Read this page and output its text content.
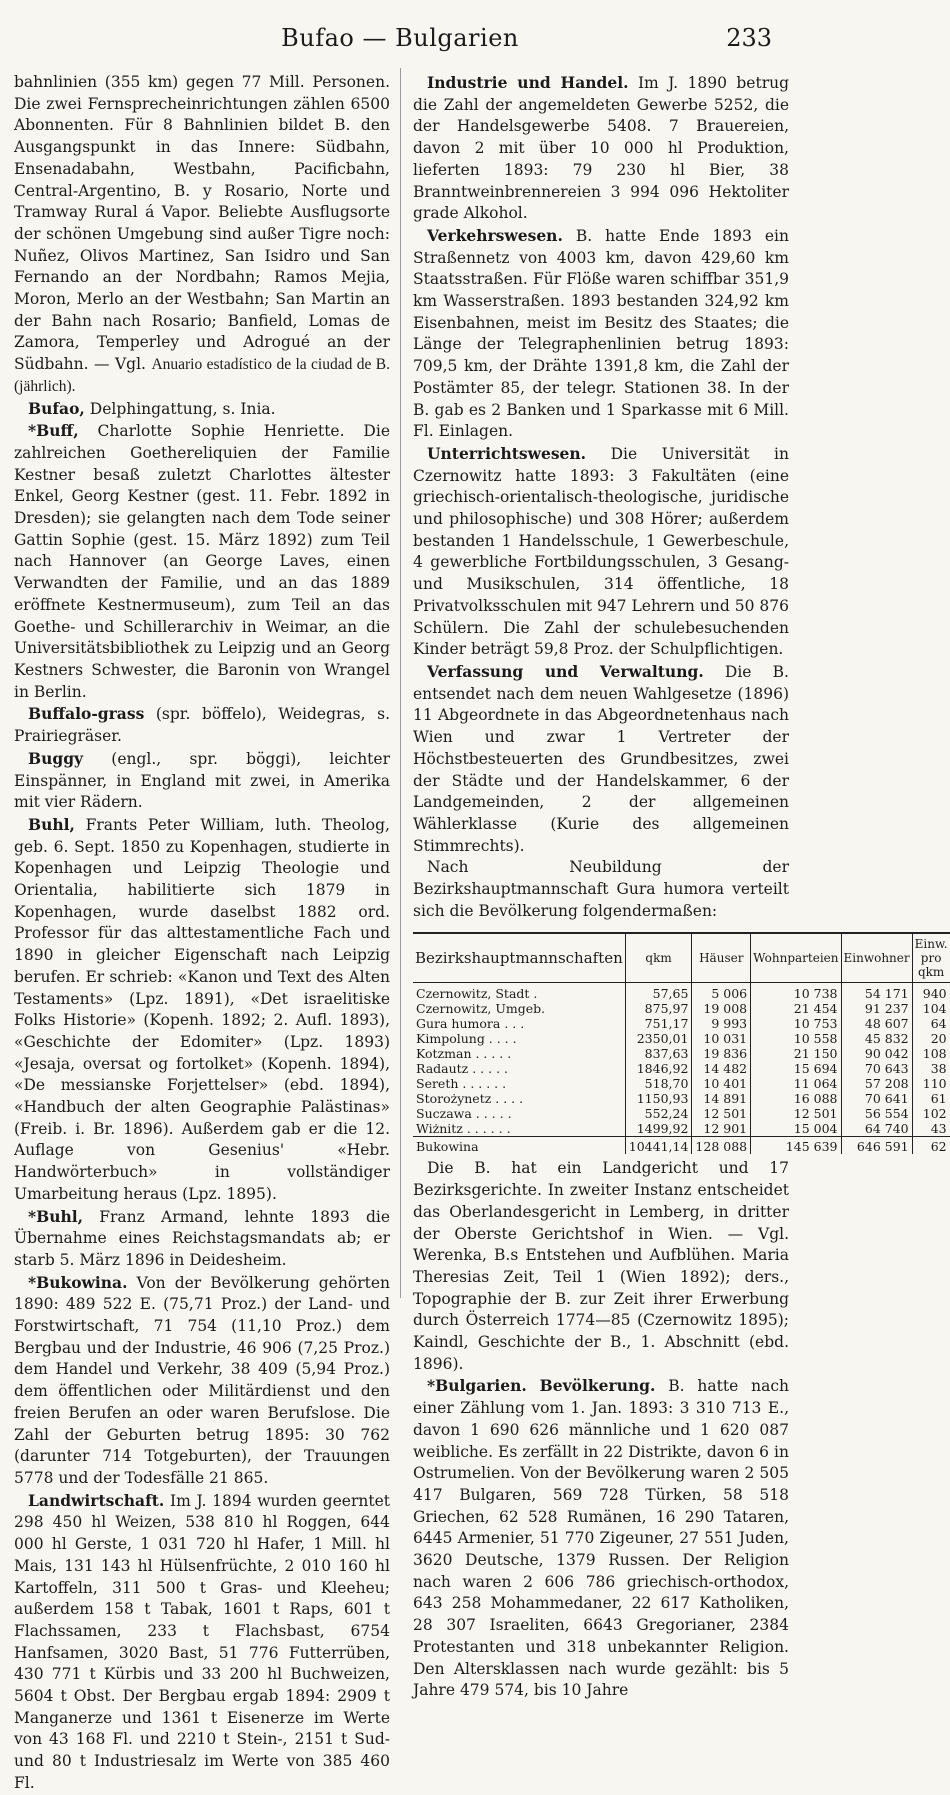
Bufao — Bulgarien	233

bahnlinien (355 km) gegen 77 Mill. Personen. Die zwei Fernsprecheinrichtungen zählen 6500 Abonnenten. Für 8 Bahnlinien bildet B. den Ausgangspunkt in das Innere: Südbahn, Ensenadabahn, Westbahn, Pacificbahn, Central-Argentino, B. y Rosario, Norte und Tramway Rural á Vapor. Beliebte Ausflugsorte der schönen Umgebung sind außer Tigre noch: Nuñez, Olivos Martinez, San Isidro und San Fernando an der Nordbahn; Ramos Mejia, Moron, Merlo an der Westbahn; San Martin an der Bahn nach Rosario; Banfield, Lomas de Zamora, Temperley und Adrogué an der Südbahn. — Vgl. Anuario estadístico de la ciudad de B. (jährlich).

Bufao, Delphingattung, s. Inia.

*Buff, Charlotte Sophie Henriette. Die zahlreichen Goethereliquien der Familie Kestner besaß zuletzt Charlottes ältester Enkel, Georg Kestner (gest. 11. Febr. 1892 in Dresden); sie gelangten nach dem Tode seiner Gattin Sophie (gest. 15. März 1892) zum Teil nach Hannover (an George Laves, einen Verwandten der Familie, und an das 1889 eröffnete Kestnermuseum), zum Teil an das Goethe- und Schillerarchiv in Weimar, an die Universitätsbibliothek zu Leipzig und an Georg Kestners Schwester, die Baronin von Wrangel in Berlin.

Buffalo-grass (spr. böffelo), Weidegras, s. Prairiegräser.

Buggy (engl., spr. böggi), leichter Einspänner, in England mit zwei, in Amerika mit vier Rädern.

Buhl, Frants Peter William, luth. Theolog, geb. 6. Sept. 1850 zu Kopenhagen, studierte in Kopenhagen und Leipzig Theologie und Orientalia, habilitierte sich 1879 in Kopenhagen, wurde daselbst 1882 ord. Professor für das alttestamentliche Fach und 1890 in gleicher Eigenschaft nach Leipzig berufen. Er schrieb: «Kanon und Text des Alten Testaments» (Lpz. 1891), «Det israelitiske Folks Historie» (Kopenh. 1892; 2. Aufl. 1893), «Geschichte der Edomiter» (Lpz. 1893) «Jesaja, oversat og fortolket» (Kopenh. 1894), «De messianske Forjettelser» (ebd. 1894), «Handbuch der alten Geographie Palästinas» (Freib. i. Br. 1896). Außerdem gab er die 12. Auflage von Gesenius' «Hebr. Handwörterbuch» in vollständiger Umarbeitung heraus (Lpz. 1895).

*Buhl, Franz Armand, lehnte 1893 die Übernahme eines Reichstagsmandats ab; er starb 5. März 1896 in Deidesheim.

*Bukowina. Von der Bevölkerung gehörten 1890: 489 522 E. (75,71 Proz.) der Land- und Forstwirtschaft, 71 754 (11,10 Proz.) dem Bergbau und der Industrie, 46 906 (7,25 Proz.) dem Handel und Verkehr, 38 409 (5,94 Proz.) dem öffentlichen oder Militärdienst und den freien Berufen an oder waren Berufslose. Die Zahl der Geburten betrug 1895: 30 762 (darunter 714 Totgeburten), der Trauungen 5778 und der Todesfälle 21 865.

Landwirtschaft. Im J. 1894 wurden geerntet 298 450 hl Weizen, 538 810 hl Roggen, 644 000 hl Gerste, 1 031 720 hl Hafer, 1 Mill. hl Mais, 131 143 hl Hülsenfrüchte, 2 010 160 hl Kartoffeln, 311 500 t Gras- und Kleeheu; außerdem 158 t Tabak, 1601 t Raps, 601 t Flachssamen, 233 t Flachsbast, 6754 Hanfsamen, 3020 Bast, 51 776 Futterrüben, 430 771 t Kürbis und 33 200 hl Buchweizen, 5604 t Obst. Der Bergbau ergab 1894: 2909 t Manganerze und 1361 t Eisenerze im Werte von 43 168 Fl. und 2210 t Stein-, 2151 t Sud- und 80 t Industriesalz im Werte von 385 460 Fl.

Industrie und Handel. Im J. 1890 betrug die Zahl der angemeldeten Gewerbe 5252, die der Handelsgewerbe 5408. 7 Brauereien, davon 2 mit über 10 000 hl Produktion, lieferten 1893: 79 230 hl Bier, 38 Branntweinbrennereien 3 994 096 Hektoliter grade Alkohol.

Verkehrswesen. B. hatte Ende 1893 ein Straßennetz von 4003 km, davon 429,60 km Staatsstraßen. Für Flöße waren schiffbar 351,9 km Wasserstraßen. 1893 bestanden 324,92 km Eisenbahnen, meist im Besitz des Staates; die Länge der Telegraphenlinien betrug 1893: 709,5 km, der Drähte 1391,8 km, die Zahl der Postämter 85, der telegr. Stationen 38. In der B. gab es 2 Banken und 1 Sparkasse mit 6 Mill. Fl. Einlagen.

Unterrichtswesen. Die Universität in Czernowitz hatte 1893: 3 Fakultäten (eine griechisch-orientalisch-theologische, juridische und philosophische) und 308 Hörer; außerdem bestanden 1 Handelsschule, 1 Gewerbeschule, 4 gewerbliche Fortbildungsschulen, 3 Gesang- und Musikschulen, 314 öffentliche, 18 Privatvolksschulen mit 947 Lehrern und 50 876 Schülern. Die Zahl der schulebesuchenden Kinder beträgt 59,8 Proz. der Schulpflichtigen.

Verfassung und Verwaltung. Die B. entsendet nach dem neuen Wahlgesetze (1896) 11 Abgeordnete in das Abgeordnetenhaus nach Wien und zwar 1 Vertreter der Höchstbesteuerten des Grundbesitzes, zwei der Städte und der Handelskammer, 6 der Landgemeinden, 2 der allgemeinen Wählerklasse (Kurie des allgemeinen Stimmrechts).

Nach Neubildung der Bezirkshauptmannschaft Gura humora verteilt sich die Bevölkerung folgendermaßen:

Bezirkshauptmannschaften	qkm	Häuser	Wohnparteien	Einwohner	Einw. pro qkm
Czernowitz, Stadt .	57,65	5 006	10 738	54 171	940
Czernowitz, Umgeb.	875,97	19 008	21 454	91 237	104
Gura humora . . .	751,17	9 993	10 753	48 607	64
Kimpolung . . . .	2350,01	10 031	10 558	45 832	20
Kotzman . . . . .	837,63	19 836	21 150	90 042	108
Radautz . . . . .	1846,92	14 482	15 694	70 643	38
Sereth . . . . . .	518,70	10 401	11 064	57 208	110
Storożynetz . . . .	1150,93	14 891	16 088	70 641	61
Suczawa . . . . .	552,24	12 501	12 501	56 554	102
Wiżnitz . . . . . .	1499,92	12 901	15 004	64 740	43
Bukowina	10441,14	128 088	145 639	646 591	62

Die B. hat ein Landgericht und 17 Bezirksgerichte. In zweiter Instanz entscheidet das Oberlandesgericht in Lemberg, in dritter der Oberste Gerichtshof in Wien. — Vgl. Werenka, B.s Entstehen und Aufblühen. Maria Theresias Zeit, Teil 1 (Wien 1892); ders., Topographie der B. zur Zeit ihrer Erwerbung durch Österreich 1774—85 (Czernowitz 1895); Kaindl, Geschichte der B., 1. Abschnitt (ebd. 1896).

*Bulgarien. Bevölkerung. B. hatte nach einer Zählung vom 1. Jan. 1893: 3 310 713 E., davon 1 690 626 männliche und 1 620 087 weibliche. Es zerfällt in 22 Distrikte, davon 6 in Ostrumelien. Von der Bevölkerung waren 2 505 417 Bulgaren, 569 728 Türken, 58 518 Griechen, 62 528 Rumänen, 16 290 Tataren, 6445 Armenier, 51 770 Zigeuner, 27 551 Juden, 3620 Deutsche, 1379 Russen. Der Religion nach waren 2 606 786 griechisch-orthodox, 643 258 Mohammedaner, 22 617 Katholiken, 28 307 Israeliten, 6643 Gregorianer, 2384 Protestanten und 318 unbekannter Religion. Den Altersklassen nach wurde gezählt: bis 5 Jahre 479 574, bis 10 Jahre
